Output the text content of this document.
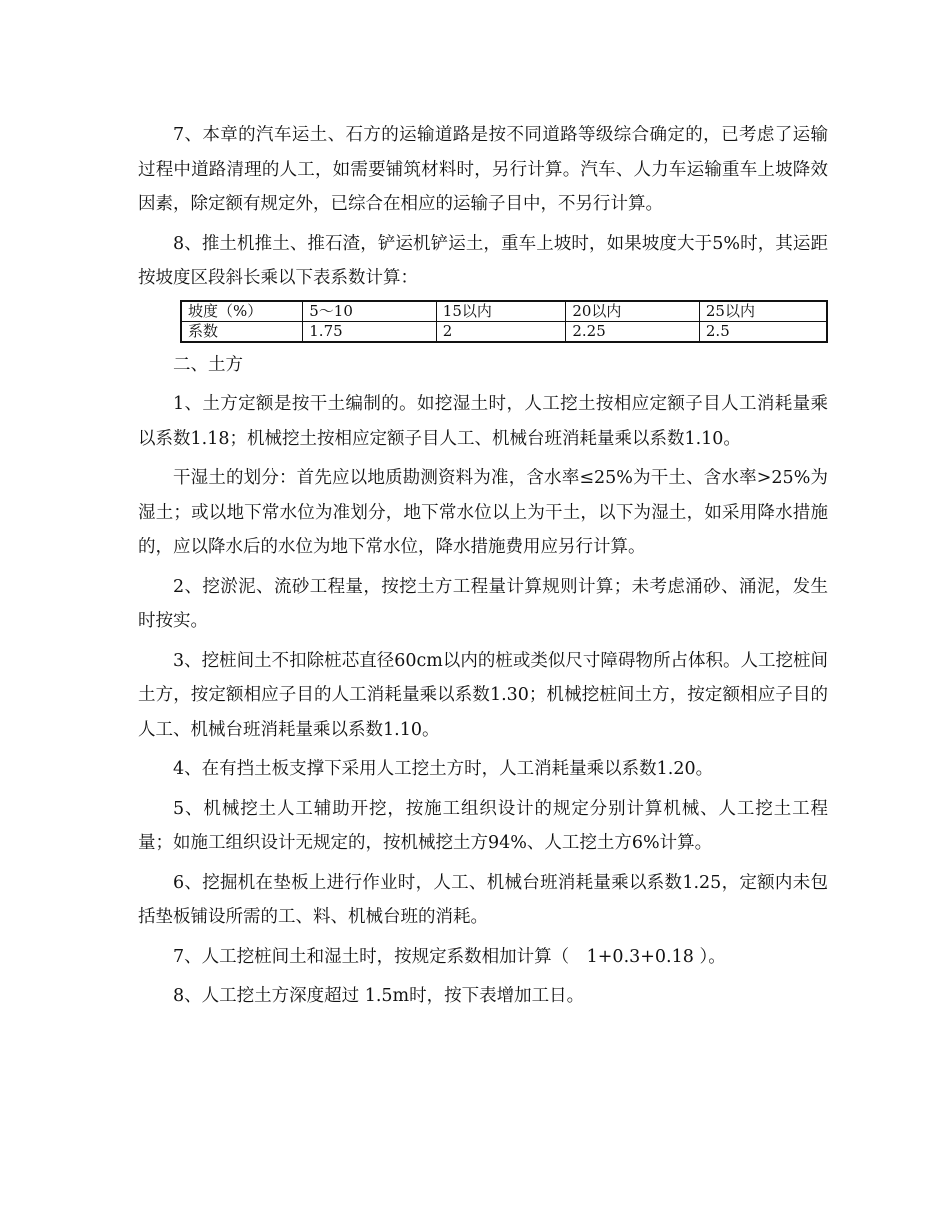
7、本章的汽车运土、石方的运输道路是按不同道路等级综合确定的，已考虑了运输过程中道路清理的人工，如需要铺筑材料时，另行计算。汽车、人力车运输重车上坡降效因素，除定额有规定外，已综合在相应的运输子目中，不另行计算。

8、推土机推土、推石渣，铲运机铲运土，重车上坡时，如果坡度大于5%时，其运距按坡度区段斜长乘以下表系数计算：

坡度（%）	5～10	15以内	20以内	25以内
系数	1.75	2	2.25	2.5

二、土方

1、土方定额是按干土编制的。如挖湿土时，人工挖土按相应定额子目人工消耗量乘以系数1.18；机械挖土按相应定额子目人工、机械台班消耗量乘以系数1.10。

干湿土的划分：首先应以地质勘测资料为准，含水率≤25%为干土、含水率>25%为湿土；或以地下常水位为准划分，地下常水位以上为干土，以下为湿土，如采用降水措施的，应以降水后的水位为地下常水位，降水措施费用应另行计算。

2、挖淤泥、流砂工程量，按挖土方工程量计算规则计算；未考虑涌砂、涌泥，发生时按实。

3、挖桩间土不扣除桩芯直径60cm以内的桩或类似尺寸障碍物所占体积。人工挖桩间土方，按定额相应子目的人工消耗量乘以系数1.30；机械挖桩间土方，按定额相应子目的人工、机械台班消耗量乘以系数1.10。

4、在有挡土板支撑下采用人工挖土方时，人工消耗量乘以系数1.20。

5、机械挖土人工辅助开挖，按施工组织设计的规定分别计算机械、人工挖土工程量；如施工组织设计无规定的，按机械挖土方94%、人工挖土方6%计算。

6、挖掘机在垫板上进行作业时，人工、机械台班消耗量乘以系数1.25，定额内未包括垫板铺设所需的工、料、机械台班的消耗。

7、人工挖桩间土和湿土时，按规定系数相加计算（　1+0.3+0.18 ）。

8、人工挖土方深度超过 1.5m时，按下表增加工日。
